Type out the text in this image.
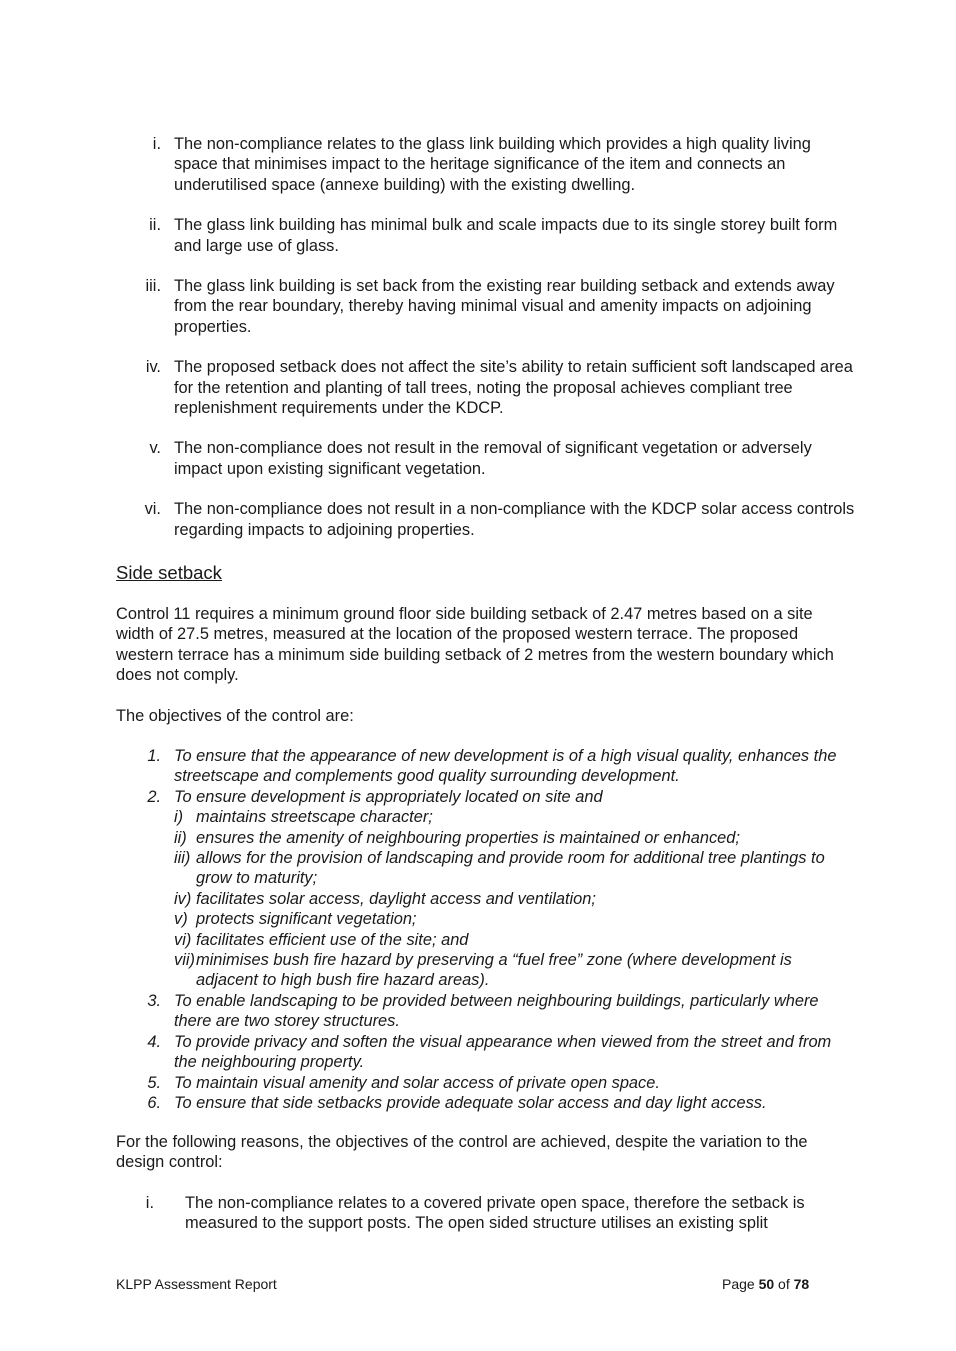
i. The non-compliance relates to the glass link building which provides a high quality living space that minimises impact to the heritage significance of the item and connects an underutilised space (annexe building) with the existing dwelling.
ii. The glass link building has minimal bulk and scale impacts due to its single storey built form and large use of glass.
iii. The glass link building is set back from the existing rear building setback and extends away from the rear boundary, thereby having minimal visual and amenity impacts on adjoining properties.
iv. The proposed setback does not affect the site’s ability to retain sufficient soft landscaped area for the retention and planting of tall trees, noting the proposal achieves compliant tree replenishment requirements under the KDCP.
v. The non-compliance does not result in the removal of significant vegetation or adversely impact upon existing significant vegetation.
vi. The non-compliance does not result in a non-compliance with the KDCP solar access controls regarding impacts to adjoining properties.
Side setback

Control 11 requires a minimum ground floor side building setback of 2.47 metres based on a site width of 27.5 metres, measured at the location of the proposed western terrace. The proposed western terrace has a minimum side building setback of 2 metres from the western boundary which does not comply.

The objectives of the control are:

1. To ensure that the appearance of new development is of a high visual quality, enhances the streetscape and complements good quality surrounding development.
2. To ensure development is appropriately located on site and
i) maintains streetscape character;
ii) ensures the amenity of neighbouring properties is maintained or enhanced;
iii) allows for the provision of landscaping and provide room for additional tree plantings to grow to maturity;
iv) facilitates solar access, daylight access and ventilation;
v) protects significant vegetation;
vi) facilitates efficient use of the site; and
vii) minimises bush fire hazard by preserving a “fuel free” zone (where development is adjacent to high bush fire hazard areas).
3. To enable landscaping to be provided between neighbouring buildings, particularly where there are two storey structures.
4. To provide privacy and soften the visual appearance when viewed from the street and from the neighbouring property.
5. To maintain visual amenity and solar access of private open space.
6. To ensure that side setbacks provide adequate solar access and day light access.

For the following reasons, the objectives of the control are achieved, despite the variation to the design control:

i. The non-compliance relates to a covered private open space, therefore the setback is measured to the support posts. The open sided structure utilises an existing split
KLPP Assessment Report	Page 50 of 78
